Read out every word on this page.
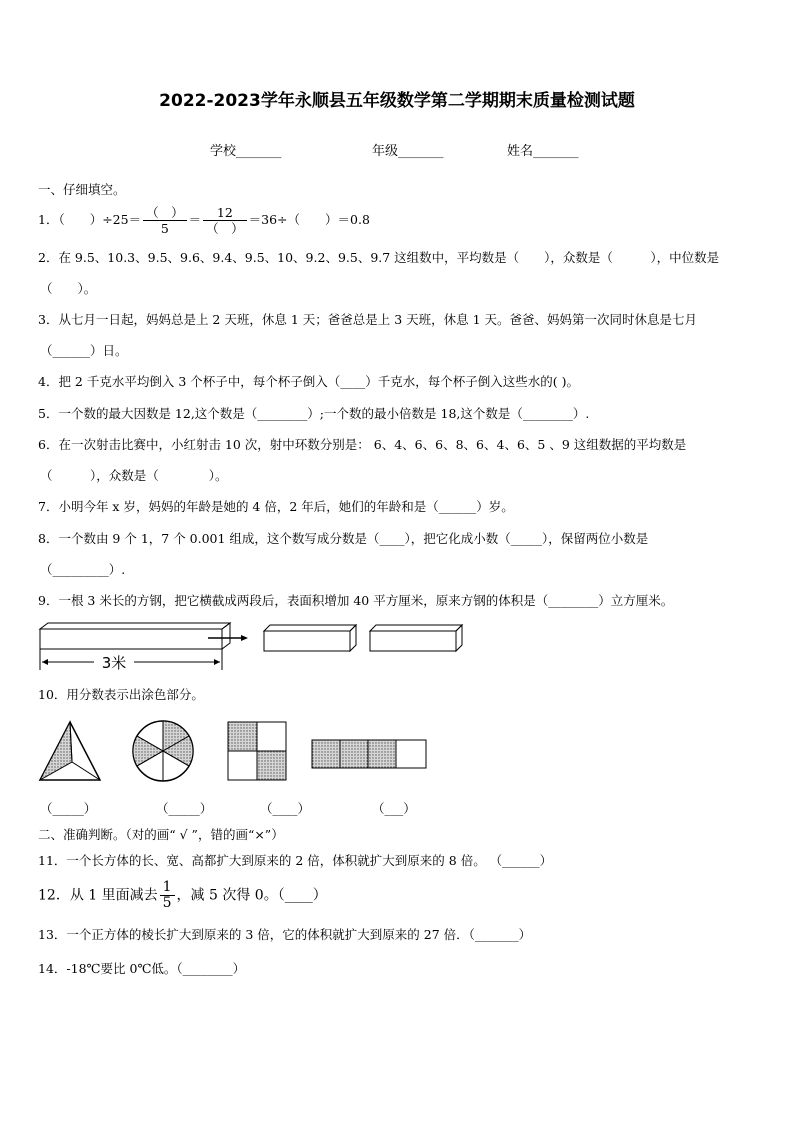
2022-2023学年永顺县五年级数学第二学期期末质量检测试题
学校_______	年级_______	姓名_______
一、仔细填空。
1．（　　）$\div 25= \frac{( )}{5} = \frac{12}{( )} =36\div$（　　）＝0.8
2．在 9.5、10.3、9.5、9.6、9.4、9.5、10、9.2、9.5、9.7 这组数中，平均数是（　　），众数是（　　　），中位数是
（　　）。
3．从七月一日起，妈妈总是上 2 天班，休息 1 天；爸爸总是上 3 天班，休息 1 天。爸爸、妈妈第一次同时休息是七月
（______）日。
4．把 2 千克水平均倒入 3 个杯子中，每个杯子倒入（____）千克水，每个杯子倒入这些水的( )。
5．一个数的最大因数是 12,这个数是（________）;一个数的最小倍数是 18,这个数是（________）.
6．在一次射击比赛中，小红射击 10 次，射中环数分别是： 6、4、6、6、8、6、4、6、5 、9 这组数据的平均数是
（　　　），众数是（　　　　）。
7．小明今年 x 岁，妈妈的年龄是她的 4 倍，2 年后，她们的年龄和是（______）岁。
8．一个数由 9 个 1，7 个 0.001 组成，这个数写成分数是（____），把它化成小数（_____），保留两位小数是
（_________）.
9．一根 3 米长的方钢，把它横截成两段后，表面积增加 40 平方厘米，原来方钢的体积是（________）立方厘米。
3米
10．用分数表示出涂色部分。
（_____）	（_____）	（____）	（___）
二、准确判断。（对的画“ √ ”，错的画“×”）
11．一个长方体的长、宽、高都扩大到原来的 2 倍，体积就扩大到原来的 8 倍。 （______）
12．从 1 里面减去 $\frac{1}{5}$ ，减 5 次得 0。（____）
13．一个正方体的棱长扩大到原来的 3 倍，它的体积就扩大到原来的 27 倍．（_______）
14．-18℃要比 0℃低。（________）
